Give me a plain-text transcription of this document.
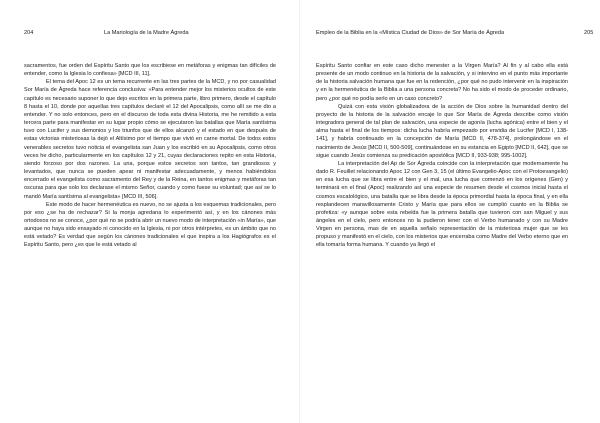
204	La Mariología de la Madre Ágreda

sacramentos, fue orden del Espíritu Santo que los escribiese en metáforas y enigmas tan difíciles de entender, como la Iglesia lo confiesa» [MCD III, 11].

El tema del Apoc 12 es un tema recurrente en las tres partes de la MCD, y no por casualidad Sor María de Ágreda hace referencia conclusiva: «Para entender mejor los misterios ocultos de este capítulo es necesario suponer lo que dejo escritos en la primera parte, libro primero, desde el capítulo 8 hasta el 10, donde por aquellas tres capítulos declaré el 12 del Apocalipsis, como allí se me dio a entender. Y no solo entonces, pero en el discurso de toda esta divina Historia, me he remitido a esta tercera parte para manifestar en su lugar propio cómo se ejecutaron las batallas que María santísima tuvo con Lucifer y sus demonios y los triunfos que de ellos alcanzó y el estado en que después de estas victorias misteriosas la dejó el Altísimo por el tiempo que vivió en carne mortal. De todos estos venerables secretos tuvo noticia el evangelista san Juan y los escribió en su Apocalipsis, como otros veces he dicho, particularmente en los capítulos 12 y 21, cuyas declaraciones repito en esta Historia, siendo forzoso por dos razones. La una, porque estos secretos son tantos, tan grandiosos y levantados, que nunca se pueden apear ni manifestar adecuadamente, y menos habiéndolos encerrado el evangelista como sacramento del Rey y de la Reina, en tantos enigmas y metáforas tan oscuras para que solo los declarase el mismo Señor, cuando y como fuese su voluntad; que así se lo mandó María santísima al evangelista» [MCD III, 506].

Este modo de hacer hermenéutica es nuevo, no se ajusta a los esquemas tradicionales, pero por eso ¿se ha de rechazar? Si la monja agredana lo experimentó así, y en los cánones más ortodoxos no se conoce, ¿por qué no se podría abrir un nuevo modo de interpretación «in María», que aunque no haya sido ensayado ni conocido en la Iglesia, ni por otros intérpretes, es un ámbito que no está vetado? Es verdad que según los cánones tradicionales el que inspira a los Hagiógrafos es el Espíritu Santo, pero ¿es que le está vetado al

Empleo de la Biblia en la «Mística Ciudad de Dios» de Sor María de Ágreda	205

Espíritu Santo confiar en este caso dicho menester a la Virgen María? Al fin y al cabo ella está presente de un modo continuo en la historia de la salvación, y si intervino en el punto más importante de la historia salvación humana que fue en la redención, ¿por qué no pudo intervenir en la inspiración y en la hermenéutica de la Biblia a una persona concreta? No ha sido el modo de proceder ordinario, pero ¿por qué no podía serlo en un caso concreto?

Quizá con esta visión globalizadora de la acción de Dios sobre la humanidad dentro del proyecto de la historia de la salvación encaje lo que Sor María de Ágreda describe como visión integradora general de tal plan de salvación, una especie de agonía (lucha agónica) entre el bien y el alma hasta el final de los tiempos: dicha lucha habría empezado por envidia de Lucifer [MCD I, 138-141], y habría continuado en la concepción de María [MCD II, 478-374], prolongándose en el nacimiento de Jesús [MCD II, 500-509], continuándose en su estancia en Egipto [MCD II, 642], que se sigue cuando Jesús comienza su predicación apostólica [MCD II, 933-938; 995-1002].

La interpretación del Ap de Sor Ágreda coincide con la interpretación que modernamente ha dado R. Feuillet relacionando Apoc 12 con Gen 3, 15 (el último Evangelio-Apoc con el Protoevangelio) en esa lucha que se libra entre el bien y el mal, una lucha que comenzó en los orígenes (Gen) y terminará en el final (Apoc) realizando así una especie de resumen desde el cosmos inicial hasta el cosmos escatológico, una batalla que se libra desde la época primordial hasta la época final, y en ella resplandecen maravillosamente Cristo y María que para ellos se cumplió cuanto en la Biblia se profetiza: «y aunque sobre esta rebelda fue la primera batalla que tuvieron con san Miguel y sus ángeles en el cielo, pero entonces no la pudieron tener con el Verbo humanado y con su Madre Virgen en persona, mas de en aquella señalo representación de la misteriosa mujer que se les propuso y manifestó en el cielo, con los misterios que encerraba como Madre del Verbo eterno que en ella tomaría forma humana. Y cuando ya llegó el
